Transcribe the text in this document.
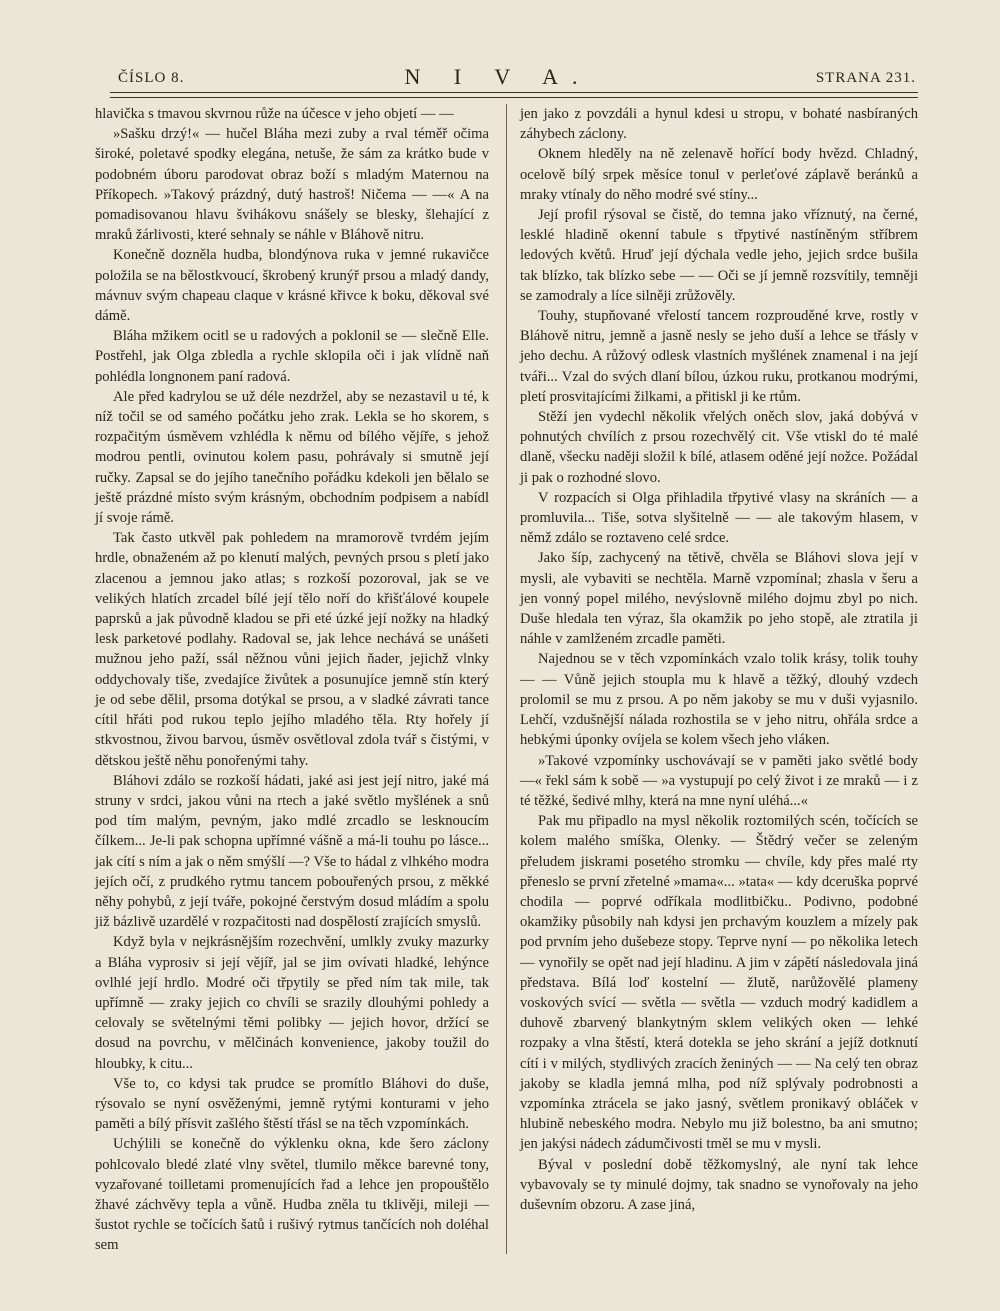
ČÍSLO 8.	N I V A.	STRANA 231.

hlavička s tmavou skvrnou růže na účesce v jeho objetí — —

»Sašku drzý!« — hučel Bláha mezi zuby a rval téměř očima široké, poletavé spodky elegána, netuše, že sám za krátko bude v podobném úboru parodovat obraz boží s mladým Maternou na Příkopech. »Takový prázdný, dutý hastroš! Ničema — —« A na pomadisovanou hlavu švihákovu snášely se blesky, šlehající z mraků žárlivosti, které sehnaly se náhle v Bláhově nitru.

Konečně dozněla hudba, blondýnova ruka v jemné rukavičce položila se na bělostkvoucí, škrobený krunýř prsou a mladý dandy, mávnuv svým chapeau claque v krásné křivce k boku, děkoval své dámě.

Bláha mžikem ocitl se u radových a poklonil se — slečně Elle. Postřehl, jak Olga zbledla a rychle sklopila oči i jak vlídně naň pohlédla longnonem paní radová.

Ale před kadrylou se už déle nezdržel, aby se nezastavil u té, k níž točil se od samého počátku jeho zrak. Lekla se ho skorem, s rozpačitým úsměvem vzhlédla k němu od bílého vějíře, s jehož modrou pentli, ovinutou kolem pasu, pohrávaly si smutně její ručky. Zapsal se do jejího tanečního pořádku kdekoli jen bělalo se ještě prázdné místo svým krásným, obchodním podpisem a nabídl jí svoje rámě.

Tak často utkvěl pak pohledem na mramorově tvrdém jejím hrdle, obnaženém až po klenutí malých, pevných prsou s pletí jako zlacenou a jemnou jako atlas; s rozkoší pozoroval, jak se ve velikých hlatích zrcadel bílé její tělo noří do křišťálové koupele paprsků a jak původně kladou se při eté úzké její nožky na hladký lesk parketové podlahy. Radoval se, jak lehce nechává se unášeti mužnou jeho paží, ssál něžnou vůni jejich ňader, jejichž vlnky oddychovaly tiše, zvedajíce živůtek a posunujíce jemně stín který je od sebe dělil, prsoma dotýkal se prsou, a v sladké závrati tance cítil hřáti pod rukou teplo jejího mladého těla. Rty hořely jí stkvostnou, živou barvou, úsměv osvětloval zdola tvář s čistými, v dětskou ještě něhu ponořenými tahy.

Bláhovi zdálo se rozkoší hádati, jaké asi jest její nitro, jaké má struny v srdci, jakou vůni na rtech a jaké světlo myšlének a snů pod tím malým, pevným, jako mdlé zrcadlo se lesknoucím čílkem... Je-li pak schopna upřímné vášně a má-li touhu po lásce... jak cítí s ním a jak o něm smýšlí —? Vše to hádal z vlhkého modra jejích očí, z prudkého rytmu tancem pobouřených prsou, z měkké něhy pohybů, z její tváře, pokojné čerstvým dosud mládím a spolu již bázlivě uzardělé v rozpačitosti nad dospělostí zrajících smyslů.

Když byla v nejkrásnějším rozechvění, umlkly zvuky mazurky a Bláha vyprosiv si její vějíř, jal se jim ovívati hladké, lehýnce ovlhlé její hrdlo. Modré oči třpytily se před ním tak mile, tak upřímně — zraky jejich co chvíli se srazily dlouhými pohledy a celovaly se světelnými těmi polibky — jejich hovor, držící se dosud na povrchu, v mělčinách konvenience, jakoby toužil do hloubky, k citu...

Vše to, co kdysi tak prudce se promítlo Bláhovi do duše, rýsovalo se nyní osvěženými, jemně rytými konturami v jeho paměti a bílý přísvit zašlého štěstí třásl se na těch vzpomínkách.

Uchýlili se konečně do výklenku okna, kde šero záclony pohlcovalo bledé zlaté vlny světel, tlumilo měkce barevné tony, vyzařované toilletami promenujících řad a lehce jen propouštělo žhavé záchvěvy tepla a vůně. Hudba zněla tu tklivěji, mileji — šustot rychle se točících šatů i rušivý rytmus tančících noh doléhal sem

jen jako z povzdáli a hynul kdesi u stropu, v bohaté nasbíraných záhybech záclony.

Oknem hleděly na ně zelenavě hořící body hvězd. Chladný, ocelově bílý srpek měsíce tonul v perleťové záplavě beránků a mraky vtínaly do něho modré své stíny...

Její profil rýsoval se čistě, do temna jako vříznutý, na černé, lesklé hladině okenní tabule s třpytivé nastíněným stříbrem ledových květů. Hruď její dýchala vedle jeho, jejich srdce bušila tak blízko, tak blízko sebe — — Oči se jí jemně rozsvítily, temněji se zamodraly a líce silněji zrůžověly.

Touhy, stupňované vřelostí tancem rozprouděné krve, rostly v Bláhově nitru, jemně a jasně nesly se jeho duší a lehce se třásly v jeho dechu. A růžový odlesk vlastních myšlének znamenal i na její tváři... Vzal do svých dlaní bílou, úzkou ruku, protkanou modrými, pletí prosvitajícími žilkami, a přitiskl ji ke rtům.

Stěží jen vydechl několik vřelých oněch slov, jaká dobývá v pohnutých chvílích z prsou rozechvělý cit. Vše vtiskl do té malé dlaně, všecku naději složil k bílé, atlasem oděné její nožce. Požádal ji pak o rozhodné slovo.

V rozpacích si Olga přihladila třpytivé vlasy na skráních — a promluvila... Tiše, sotva slyšitelně — — ale takovým hlasem, v němž zdálo se roztaveno celé srdce.

Jako šíp, zachycený na tětivě, chvěla se Bláhovi slova její v mysli, ale vybaviti se nechtěla. Marně vzpomínal; zhasla v šeru a jen vonný popel milého, nevýslovně milého dojmu zbyl po nich. Duše hledala ten výraz, šla okamžik po jeho stopě, ale ztratila ji náhle v zamlženém zrcadle paměti.

Najednou se v těch vzpomínkách vzalo tolik krásy, tolik touhy — — Vůně jejich stoupla mu k hlavě a těžký, dlouhý vzdech prolomil se mu z prsou. A po něm jakoby se mu v duši vyjasnilo. Lehčí, vzdušnější nálada rozhostila se v jeho nitru, ohřála srdce a hebkými úponky ovíjela se kolem všech jeho vláken.

»Takové vzpomínky uschovávají se v paměti jako světlé body —« řekl sám k sobě — »a vystupují po celý život i ze mraků — i z té těžké, šedivé mlhy, která na mne nyní uléhá...«

Pak mu připadlo na mysl několik roztomilých scén, točících se kolem malého smíška, Olenky. — Štědrý večer se zeleným přeludem jiskrami posetého stromku — chvíle, kdy přes malé rty přeneslo se první zřetelné »mama«... »tata« — kdy dceruška poprvé chodila — poprvé odříkala modlitbičku.. Podivno, podobné okamžiky působily nah kdysi jen prchavým kouzlem a mízely pak pod prvním jeho dušebeze stopy. Teprve nyní — po několika letech — vynořily se opět nad její hladinu. A jim v zápětí následovala jiná představa. Bílá loď kostelní — žlutě, narůžovělé plameny voskových svící — světla — světla — vzduch modrý kadidlem a duhově zbarvený blankytným sklem velikých oken — lehké rozpaky a vlna štěstí, která dotekla se jeho skrání a jejíž dotknutí cítí i v milých, stydlivých zracích ženiných — — Na celý ten obraz jakoby se kladla jemná mlha, pod níž splývaly podrobnosti a vzpomínka ztrácela se jako jasný, světlem pronikavý obláček v hlubině nebeského modra. Nebylo mu již bolestno, ba ani smutno; jen jakýsi nádech zádumčivosti tměl se mu v mysli.

Býval v poslední době těžkomyslný, ale nyní tak lehce vybavovaly se ty minulé dojmy, tak snadno se vynořovaly na jeho duševním obzoru. A zase jiná,
